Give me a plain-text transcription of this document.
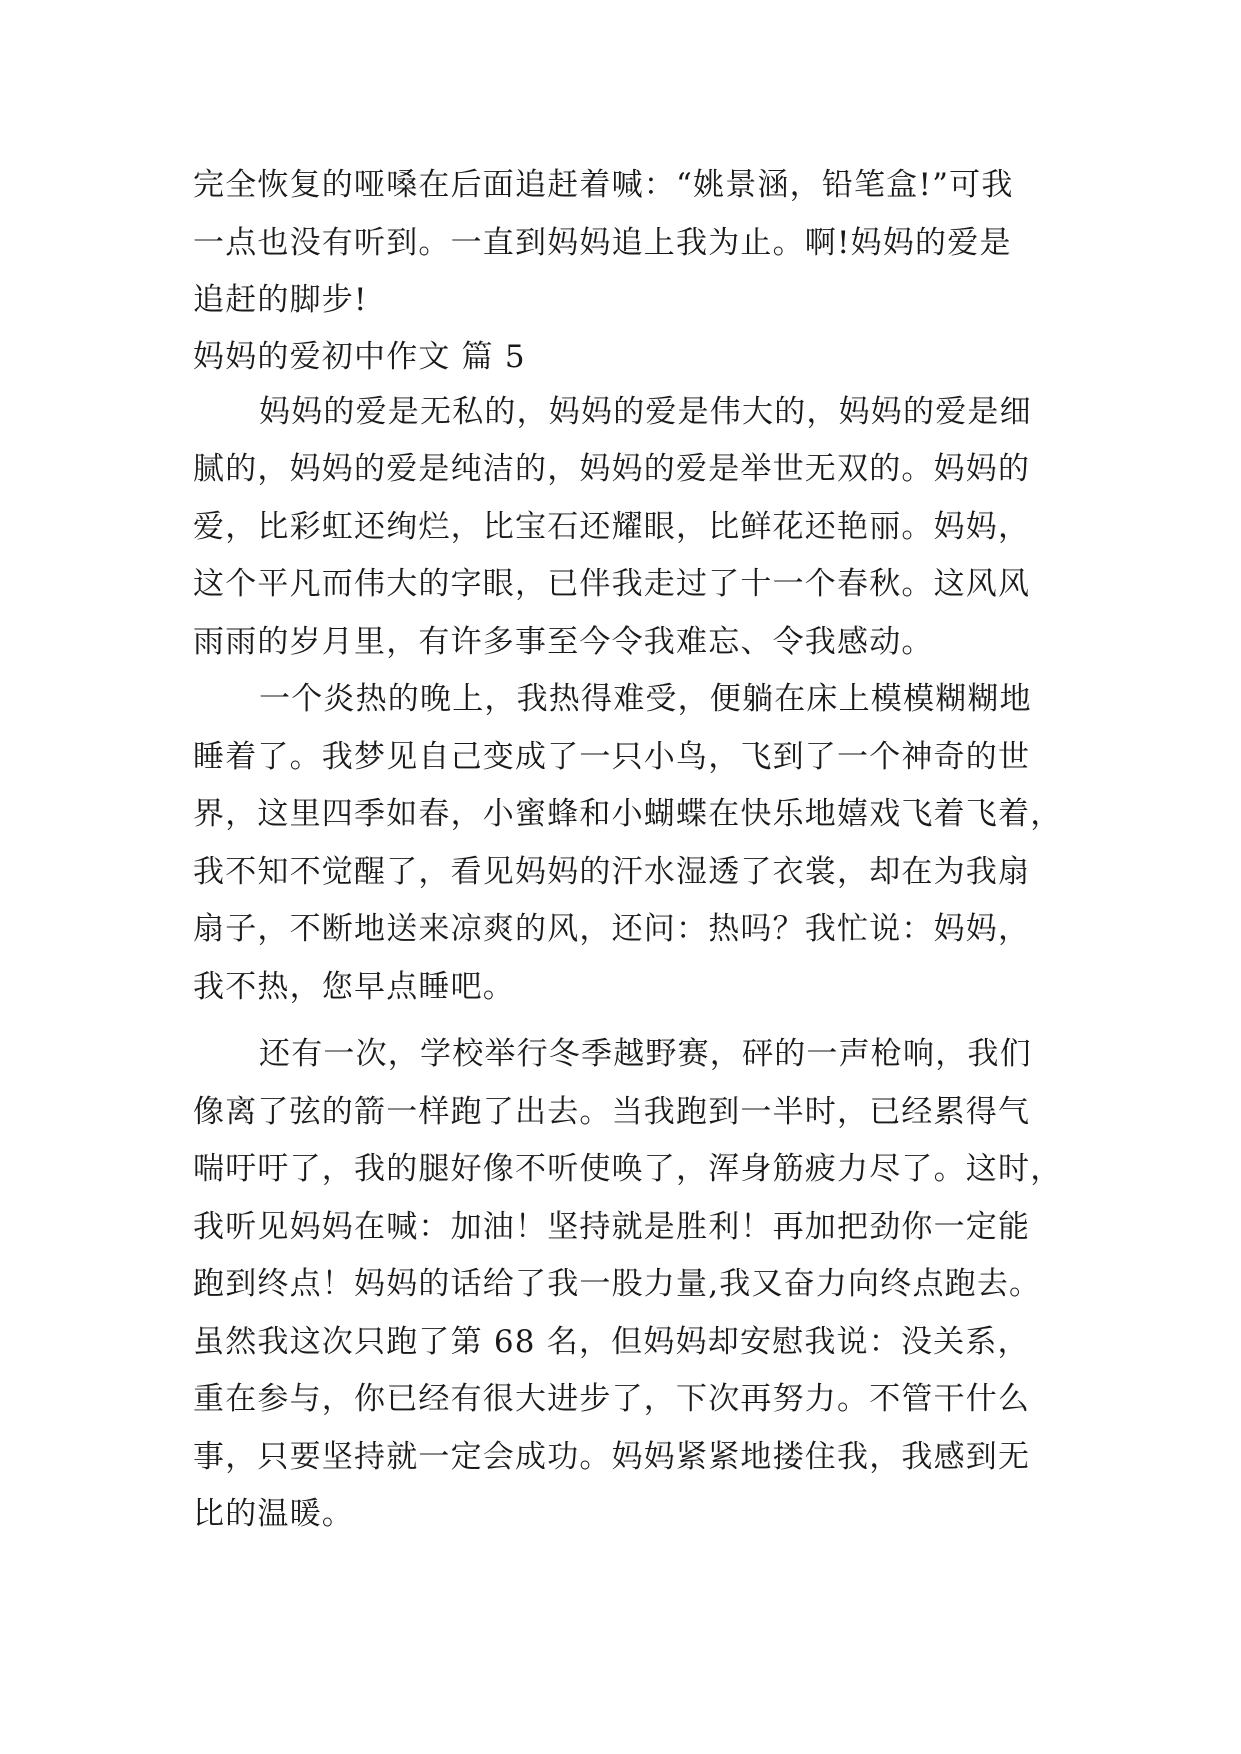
完全恢复的哑嗓在后面追赶着喊：“姚景涵，铅笔盒!”可我
一点也没有听到。一直到妈妈追上我为止。啊!妈妈的爱是
追赶的脚步!
妈妈的爱初中作文 篇 5
妈妈的爱是无私的，妈妈的爱是伟大的，妈妈的爱是细
腻的，妈妈的爱是纯洁的，妈妈的爱是举世无双的。妈妈的
爱，比彩虹还绚烂，比宝石还耀眼，比鲜花还艳丽。妈妈，
这个平凡而伟大的字眼，已伴我走过了十一个春秋。这风风
雨雨的岁月里，有许多事至今令我难忘、令我感动。
一个炎热的晚上，我热得难受，便躺在床上模模糊糊地
睡着了。我梦见自己变成了一只小鸟，飞到了一个神奇的世
界，这里四季如春，小蜜蜂和小蝴蝶在快乐地嬉戏飞着飞着，
我不知不觉醒了，看见妈妈的汗水湿透了衣裳，却在为我扇
扇子，不断地送来凉爽的风，还问：热吗？我忙说：妈妈，
我不热，您早点睡吧。
还有一次，学校举行冬季越野赛，砰的一声枪响，我们
像离了弦的箭一样跑了出去。当我跑到一半时，已经累得气
喘吁吁了，我的腿好像不听使唤了，浑身筋疲力尽了。这时，
我听见妈妈在喊：加油！坚持就是胜利！再加把劲你一定能
跑到终点！妈妈的话给了我一股力量,我又奋力向终点跑去。
虽然我这次只跑了第 68 名，但妈妈却安慰我说：没关系，
重在参与，你已经有很大进步了，下次再努力。不管干什么
事，只要坚持就一定会成功。妈妈紧紧地搂住我，我感到无
比的温暖。
